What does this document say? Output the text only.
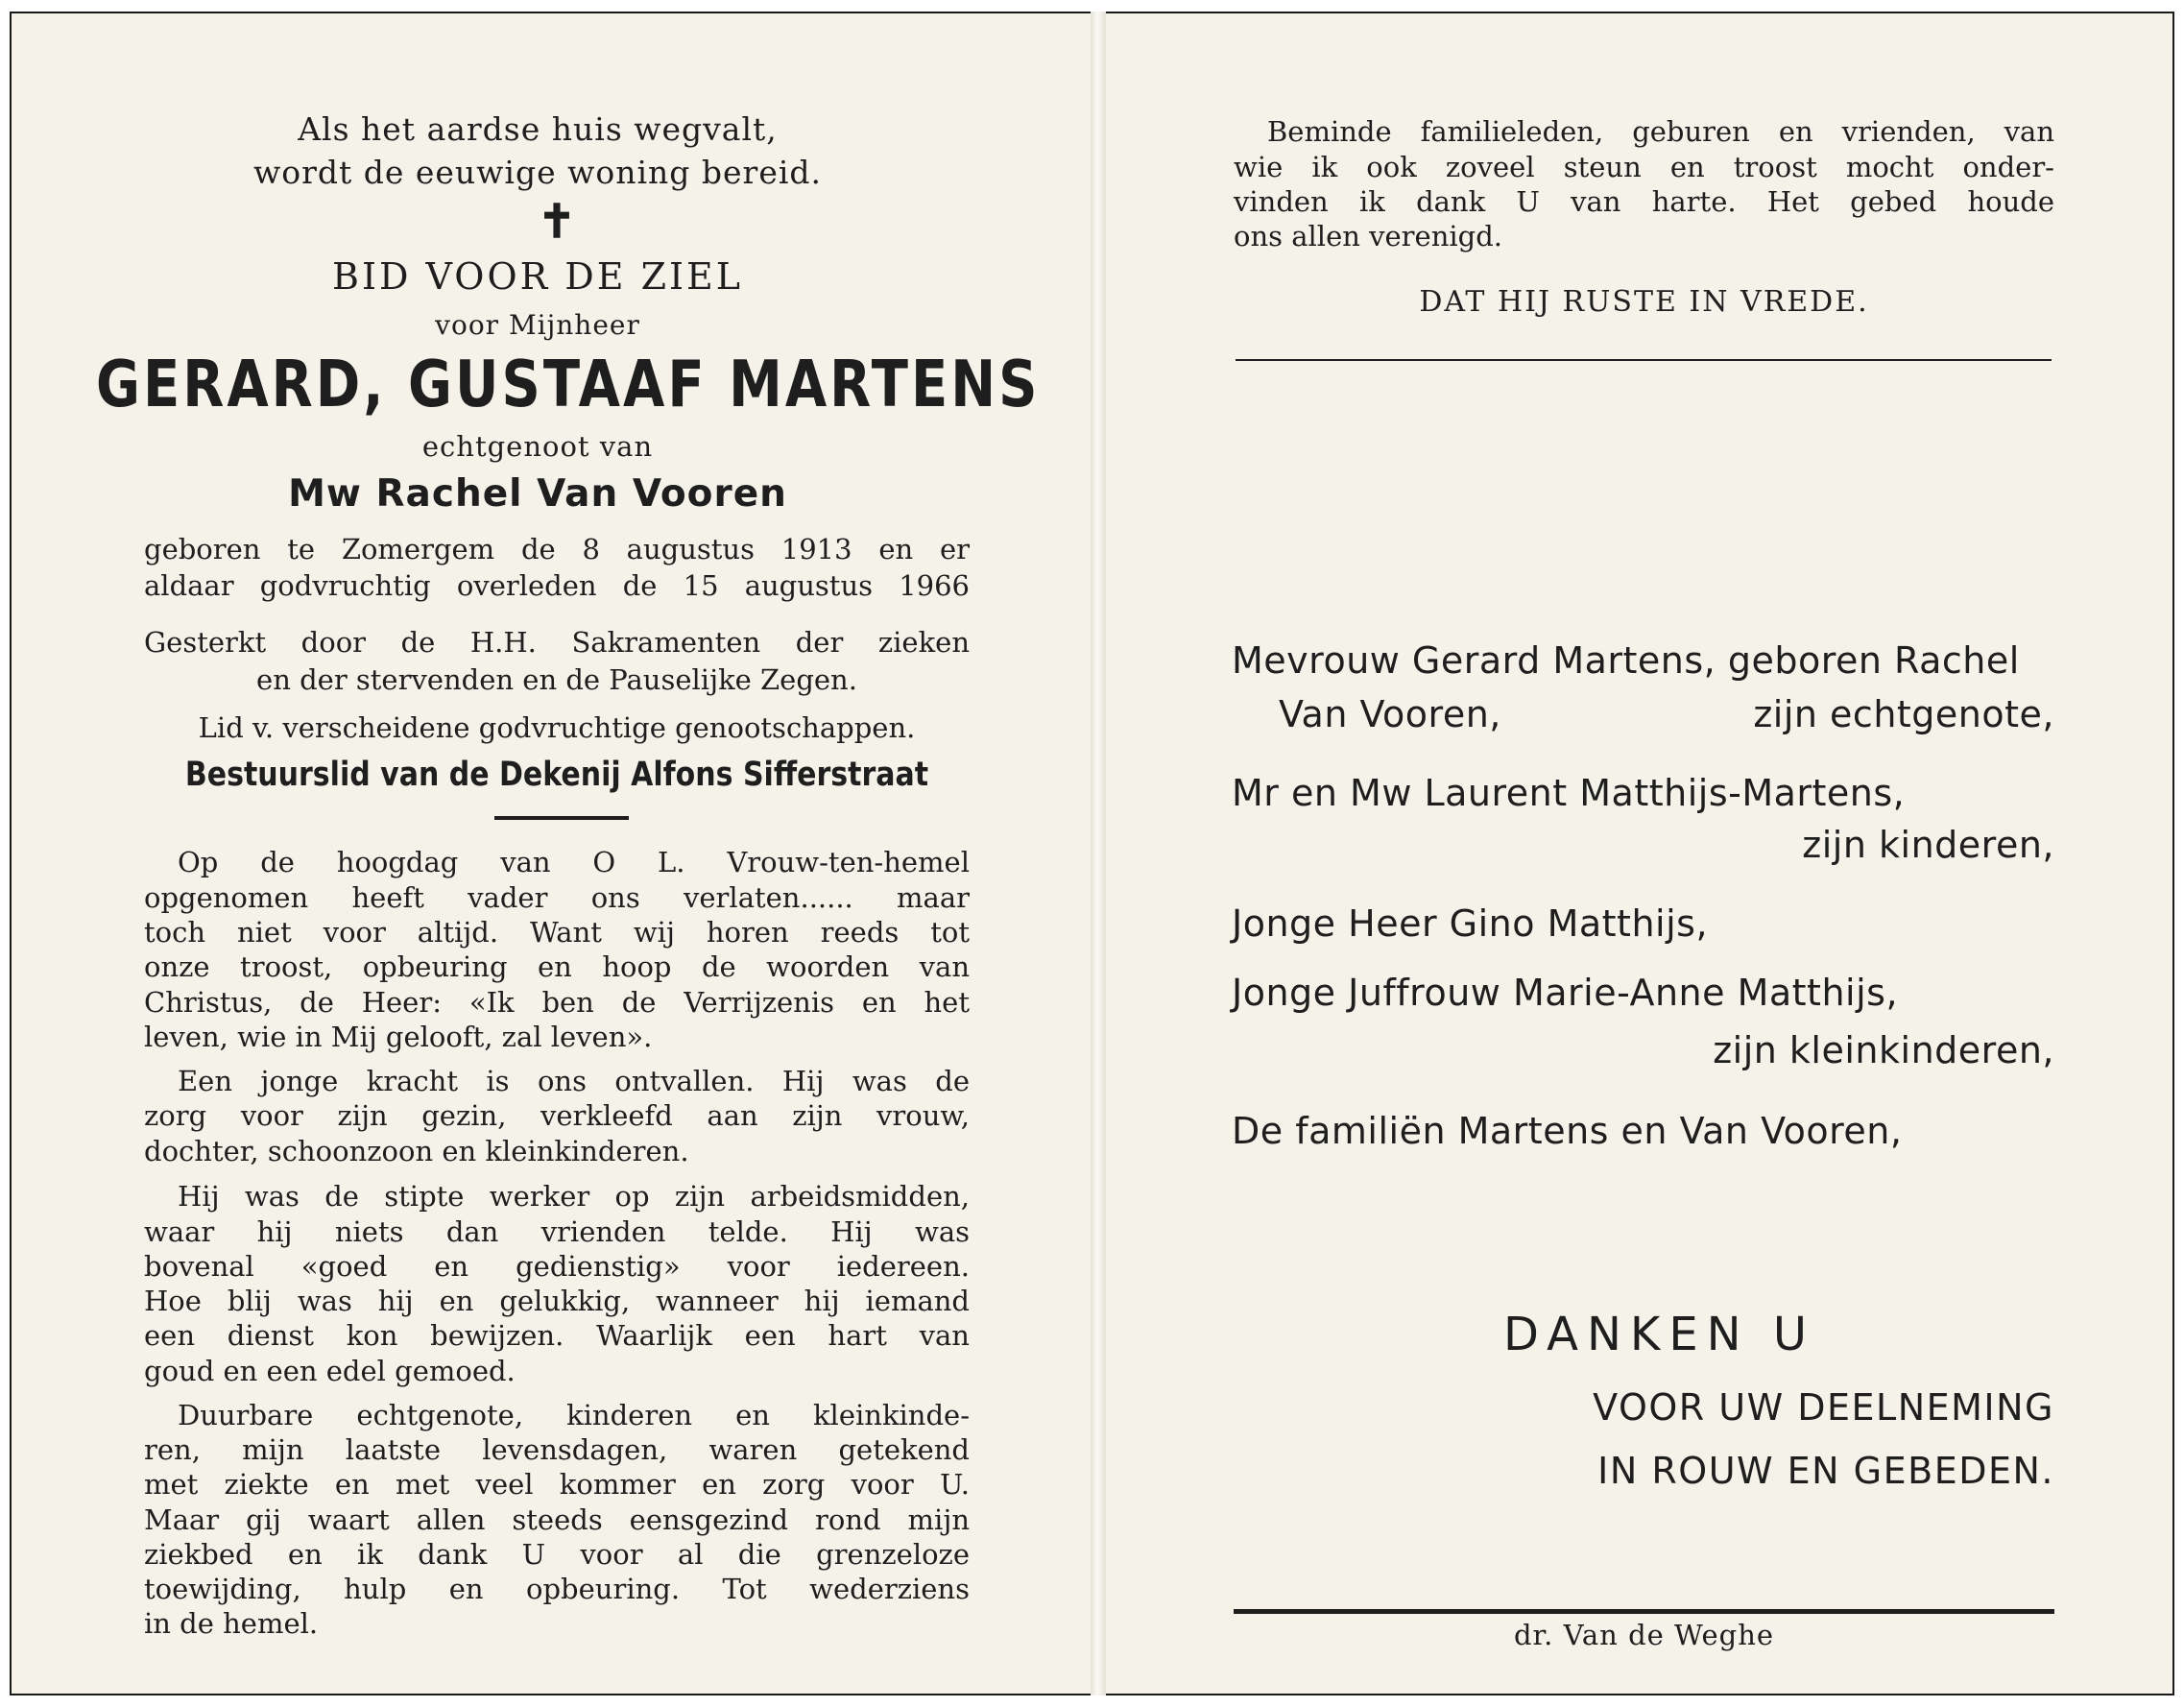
Als het aardse huis wegvalt,
wordt de eeuwige woning bereid.
✝
BID VOOR DE ZIEL
voor Mijnheer
GERARD, GUSTAAF MARTENS
echtgenoot van
Mw Rachel Van Vooren
geboren te Zomergem de 8 augustus 1913 en er
aldaar godvruchtig overleden de 15 augustus 1966
Gesterkt door de H.H. Sakramenten der zieken
en der stervenden en de Pauselijke Zegen.
Lid v. verscheidene godvruchtige genootschappen.
Bestuurslid van de Dekenij Alfons Sifferstraat
Op de hoogdag van O L. Vrouw-ten-hemel
opgenomen heeft vader ons verlaten...... maar
toch niet voor altijd. Want wij horen reeds tot
onze troost, opbeuring en hoop de woorden van
Christus, de Heer: «Ik ben de Verrijzenis en het
leven, wie in Mij gelooft, zal leven».
Een jonge kracht is ons ontvallen. Hij was de
zorg voor zijn gezin, verkleefd aan zijn vrouw,
dochter, schoonzoon en kleinkinderen.
Hij was de stipte werker op zijn arbeidsmidden,
waar hij niets dan vrienden telde. Hij was
bovenal «goed en gedienstig» voor iedereen.
Hoe blij was hij en gelukkig, wanneer hij iemand
een dienst kon bewijzen. Waarlijk een hart van
goud en een edel gemoed.
Duurbare echtgenote, kinderen en kleinkinde-
ren, mijn laatste levensdagen, waren getekend
met ziekte en met veel kommer en zorg voor U.
Maar gij waart allen steeds eensgezind rond mijn
ziekbed en ik dank U voor al die grenzeloze
toewijding, hulp en opbeuring. Tot wederziens
in de hemel.
Beminde familieleden, geburen en vrienden, van
wie ik ook zoveel steun en troost mocht onder-
vinden ik dank U van harte. Het gebed houde
ons allen verenigd.
DAT HIJ RUSTE IN VREDE.
Mevrouw Gerard Martens, geboren Rachel
Van Vooren,	zijn echtgenote,
Mr en Mw Laurent Matthijs-Martens,
zijn kinderen,
Jonge Heer Gino Matthijs,
Jonge Juffrouw Marie-Anne Matthijs,
zijn kleinkinderen,
De familiën Martens en Van Vooren,
DANKEN U
VOOR UW DEELNEMING
IN ROUW EN GEBEDEN.
dr. Van de Weghe
